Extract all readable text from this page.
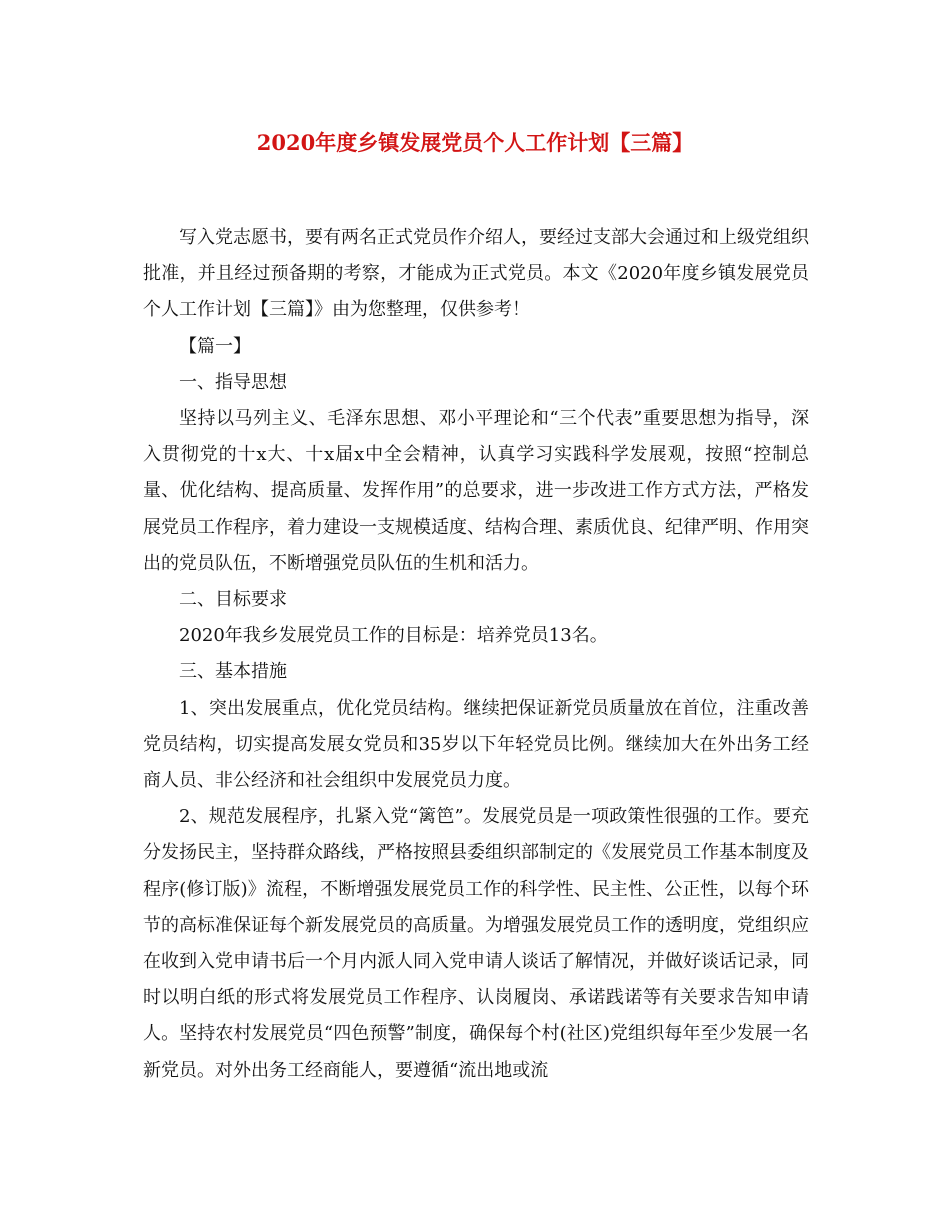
2020年度乡镇发展党员个人工作计划【三篇】

写入党志愿书，要有两名正式党员作介绍人，要经过支部大会通过和上级党组织批准，并且经过预备期的考察，才能成为正式党员。本文《2020年度乡镇发展党员个人工作计划【三篇】》由为您整理，仅供参考！

【篇一】

一、指导思想

坚持以马列主义、毛泽东思想、邓小平理论和“三个代表”重要思想为指导，深入贯彻党的十x大、十x届x中全会精神，认真学习实践科学发展观，按照“控制总量、优化结构、提高质量、发挥作用”的总要求，进一步改进工作方式方法，严格发展党员工作程序，着力建设一支规模适度、结构合理、素质优良、纪律严明、作用突出的党员队伍，不断增强党员队伍的生机和活力。

二、目标要求

2020年我乡发展党员工作的目标是：培养党员13名。

三、基本措施

1、突出发展重点，优化党员结构。继续把保证新党员质量放在首位，注重改善党员结构，切实提高发展女党员和35岁以下年轻党员比例。继续加大在外出务工经商人员、非公经济和社会组织中发展党员力度。

2、规范发展程序，扎紧入党“篱笆”。发展党员是一项政策性很强的工作。要充分发扬民主，坚持群众路线，严格按照县委组织部制定的《发展党员工作基本制度及程序(修订版)》流程，不断增强发展党员工作的科学性、民主性、公正性，以每个环节的高标准保证每个新发展党员的高质量。为增强发展党员工作的透明度，党组织应在收到入党申请书后一个月内派人同入党申请人谈话了解情况，并做好谈话记录，同时以明白纸的形式将发展党员工作程序、认岗履岗、承诺践诺等有关要求告知申请人。坚持农村发展党员“四色预警”制度，确保每个村(社区)党组织每年至少发展一名新党员。对外出务工经商能人，要遵循“流出地或流
